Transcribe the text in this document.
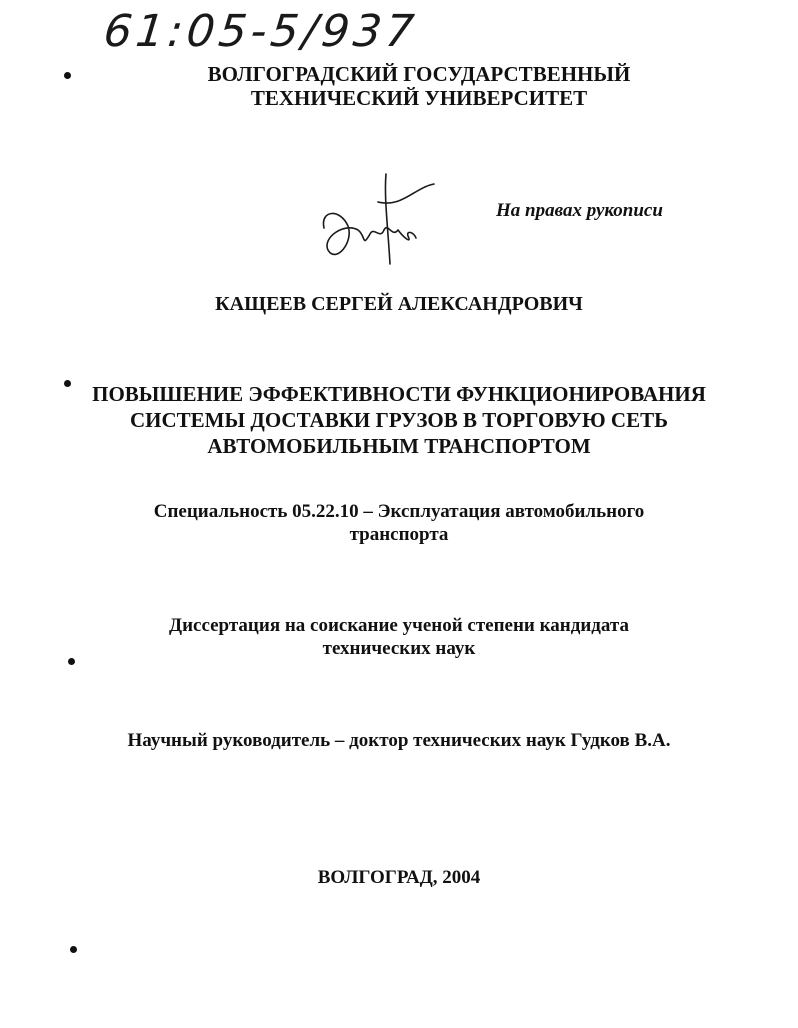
61:05-5/937
ВОЛГОГРАДСКИЙ ГОСУДАРСТВЕННЫЙ
ТЕХНИЧЕСКИЙ УНИВЕРСИТЕТ
На правах рукописи
КАЩЕЕВ СЕРГЕЙ АЛЕКСАНДРОВИЧ
ПОВЫШЕНИЕ ЭФФЕКТИВНОСТИ ФУНКЦИОНИРОВАНИЯ
СИСТЕМЫ ДОСТАВКИ ГРУЗОВ В ТОРГОВУЮ СЕТЬ
АВТОМОБИЛЬНЫМ ТРАНСПОРТОМ
Специальность 05.22.10 – Эксплуатация автомобильного
транспорта
Диссертация на соискание ученой степени кандидата
технических наук
Научный руководитель – доктор технических наук Гудков В.А.
ВОЛГОГРАД, 2004
